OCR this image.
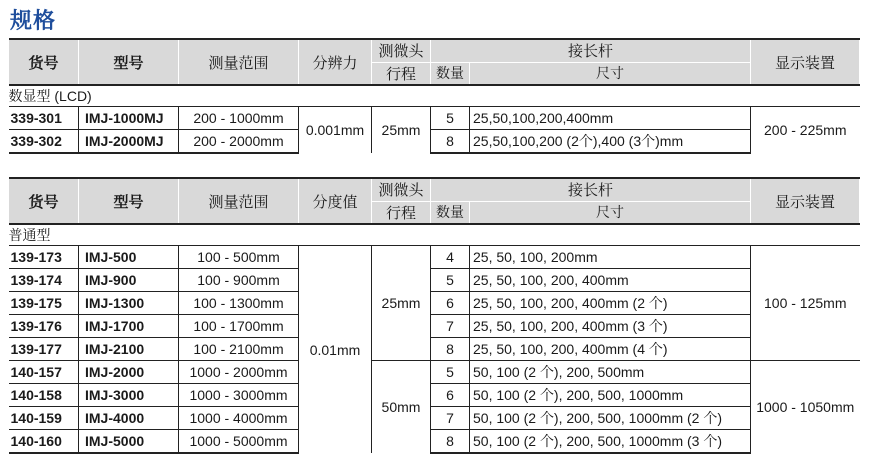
规格

货号	型号	测量范围	分辨力	测微头	接长杆		显示装置
				行程	数量	尺寸	

数显型 (LCD)							
339-301	IMJ-1000MJ	200 - 1000mm	0.001mm	25mm	5	25,50,100,200,400mm	200 - 225mm
339-302	IMJ-2000MJ	200 - 2000mm			8	25,50,100,200 (2个),400 (3个)mm	

货号	型号	测量范围	分度值	测微头	接长杆		显示装置
				行程	数量	尺寸	

普通型							
139-173	IMJ-500	100 - 500mm	0.01mm	25mm	4	25, 50, 100, 200mm	100 - 125mm
139-174	IMJ-900	100 - 900mm			5	25, 50, 100, 200, 400mm	
139-175	IMJ-1300	100 - 1300mm			6	25, 50, 100, 200, 400mm (2 个)	
139-176	IMJ-1700	100 - 1700mm			7	25, 50, 100, 200, 400mm (3 个)	
139-177	IMJ-2100	100 - 2100mm			8	25, 50, 100, 200, 400mm (4 个)	
140-157	IMJ-2000	1000 - 2000mm		50mm	5	50, 100 (2 个), 200, 500mm	1000 - 1050mm
140-158	IMJ-3000	1000 - 3000mm			6	50, 100 (2 个), 200, 500, 1000mm	
140-159	IMJ-4000	1000 - 4000mm			7	50, 100 (2 个), 200, 500, 1000mm (2 个)	
140-160	IMJ-5000	1000 - 5000mm			8	50, 100 (2 个), 200, 500, 1000mm (3 个)	
